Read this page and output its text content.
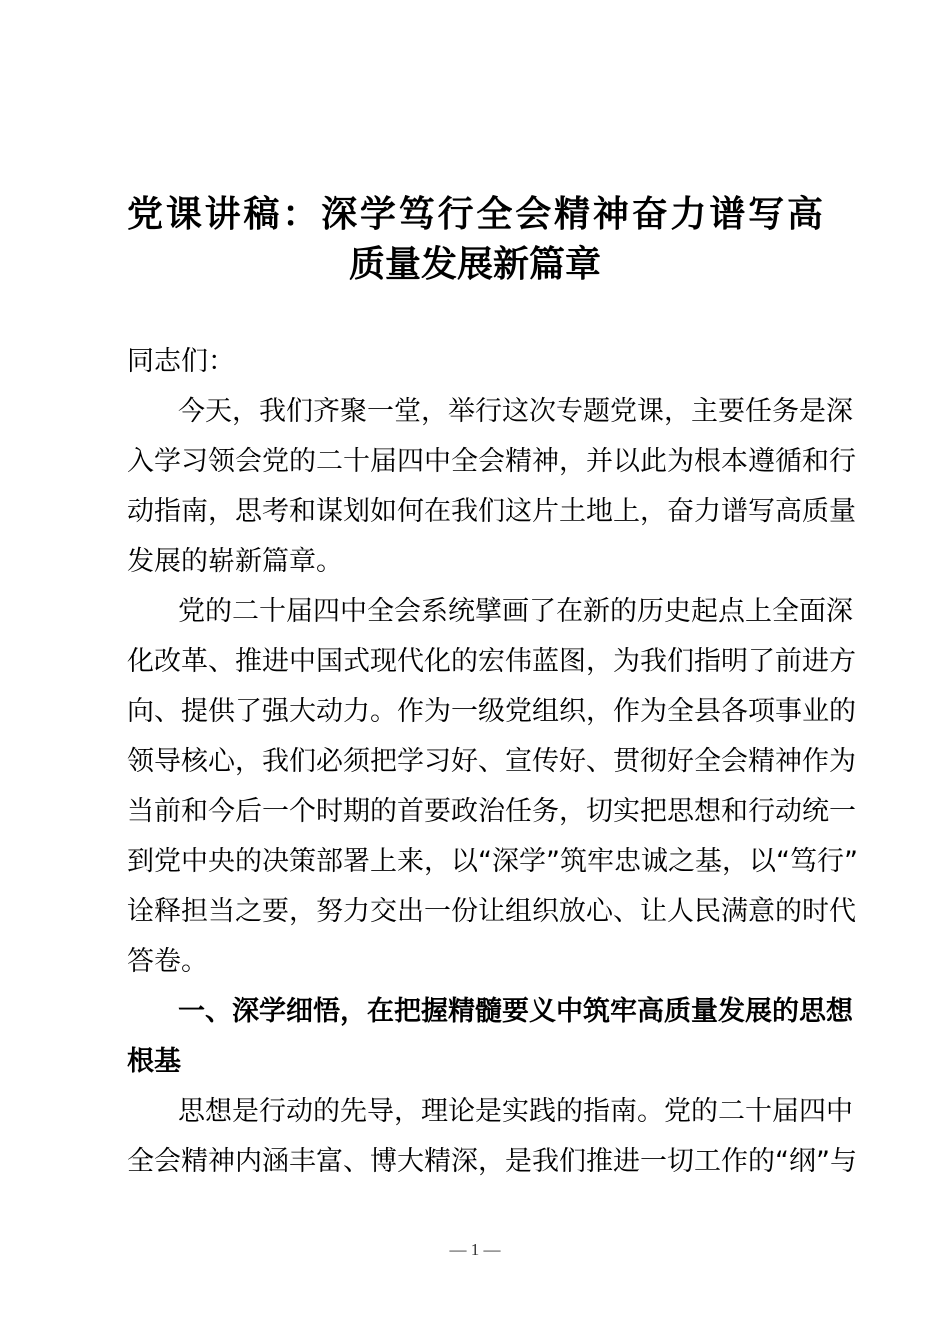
党课讲稿：深学笃行全会精神奋力谱写高
质量发展新篇章
同志们：
今天，我们齐聚一堂，举行这次专题党课，主要任务是深
入学习领会党的二十届四中全会精神，并以此为根本遵循和行
动指南，思考和谋划如何在我们这片土地上，奋力谱写高质量
发展的崭新篇章。
党的二十届四中全会系统擘画了在新的历史起点上全面深
化改革、推进中国式现代化的宏伟蓝图，为我们指明了前进方
向、提供了强大动力。作为一级党组织，作为全县各项事业的
领导核心，我们必须把学习好、宣传好、贯彻好全会精神作为
当前和今后一个时期的首要政治任务，切实把思想和行动统一
到党中央的决策部署上来，以“深学”筑牢忠诚之基，以“笃行”
诠释担当之要，努力交出一份让组织放心、让人民满意的时代
答卷。
一、深学细悟，在把握精髓要义中筑牢高质量发展的思想
根基
思想是行动的先导，理论是实践的指南。党的二十届四中
全会精神内涵丰富、博大精深，是我们推进一切工作的“纲”与
— 1 —
